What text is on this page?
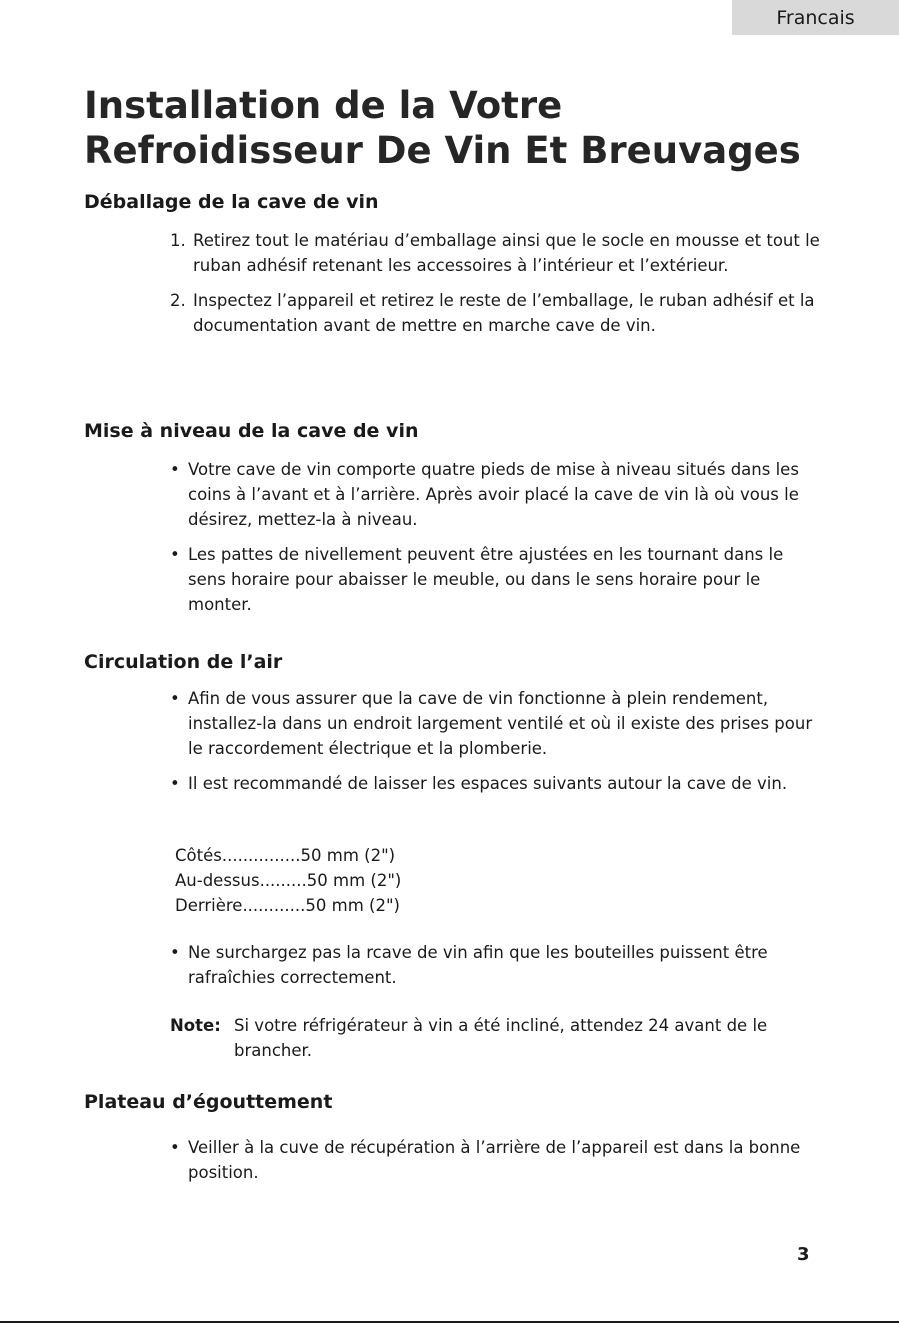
Francais
Installation de la Votre
Refroidisseur De Vin Et Breuvages
Déballage de la cave de vin
1. Retirez tout le matériau d’emballage ainsi que le socle en mousse et tout le ruban adhésif retenant les accessoires à l’intérieur et l’extérieur.
2. Inspectez l’appareil et retirez le reste de l’emballage, le ruban adhésif et la documentation avant de mettre en marche cave de vin.
Mise à niveau de la cave de vin
• Votre cave de vin comporte quatre pieds de mise à niveau situés dans les coins à l’avant et à l’arrière. Après avoir placé la cave de vin là où vous le désirez, mettez-la à niveau.
• Les pattes de nivellement peuvent être ajustées en les tournant dans le sens horaire pour abaisser le meuble, ou dans le sens horaire pour le monter.
Circulation de l’air
• Afin de vous assurer que la cave de vin fonctionne à plein rendement, installez-la dans un endroit largement ventilé et où il existe des prises pour le raccordement électrique et la plomberie.
• Il est recommandé de laisser les espaces suivants autour la cave de vin.
Côtés...............50 mm (2")
Au-dessus.........50 mm (2")
Derrière............50 mm (2")
• Ne surchargez pas la rcave de vin afin que les bouteilles puissent être rafraîchies correctement.
Note: Si votre réfrigérateur à vin a été incliné, attendez 24 avant de le brancher.
Plateau d’égouttement
• Veiller à la cuve de récupération à l’arrière de l’appareil est dans la bonne position.
3
